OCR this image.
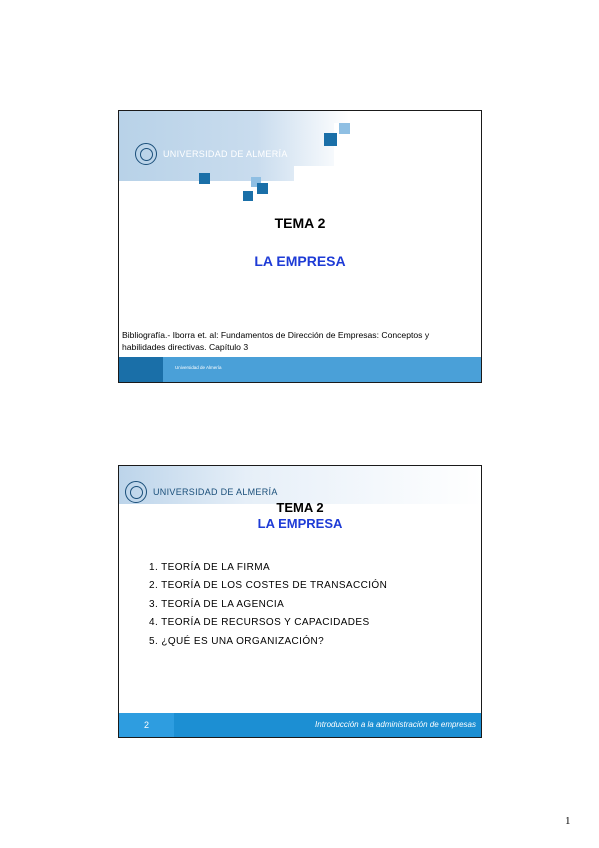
UNIVERSIDAD DE ALMERÍA
TEMA 2
LA EMPRESA
Bibliografía.- Iborra et. al: Fundamentos de Dirección de Empresas: Conceptos y
habilidades directivas. Capítulo 3
Universidad de Almería
UNIVERSIDAD DE ALMERÍA
TEMA 2
LA EMPRESA
1. TEORÍA DE LA FIRMA
2. TEORÍA DE LOS COSTES DE TRANSACCIÓN
3. TEORÍA DE LA AGENCIA
4. TEORÍA DE RECURSOS Y CAPACIDADES
5. ¿QUÉ ES UNA ORGANIZACIÓN?
2	Introducción a la administración de empresas
1
